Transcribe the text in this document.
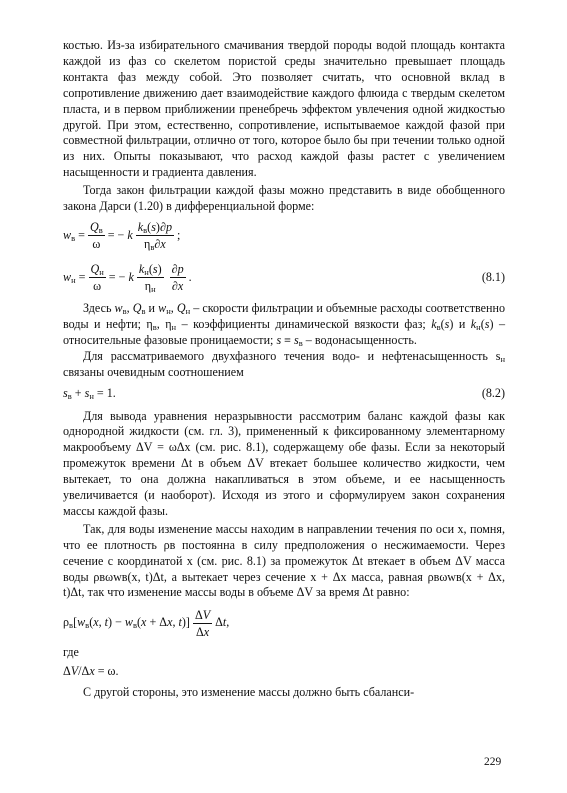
костью. Из-за избирательного смачивания твердой породы водой площадь контакта каждой из фаз со скелетом пористой среды значительно превышает площадь контакта фаз между собой. Это позволяет считать, что основной вклад в сопротивление движению дает взаимодействие каждого флюида с твердым скелетом пласта, и в первом приближении пренебречь эффектом увлечения одной жидкостью другой. При этом, естественно, сопротивление, испытываемое каждой фазой при совместной фильтрации, отлично от того, которое было бы при течении только одной из них. Опыты показывают, что расход каждой фазы растет с увеличением насыщенности и градиента давления.

Тогда закон фильтрации каждой фазы можно представить в виде обобщенного закона Дарси (1.20) в дифференциальной форме:

$w_в = \frac{Q_в}{\omega}$ = − k $\frac{k_в(s)\partial p}{\eta_в\partial x}$ ;
$w_н = \frac{Q_н}{\omega}$ = − k $\frac{k_н(s)}{\eta_н} \frac{\partial p}{\partial x}$ .	(8.1)

Здесь $w_в$, $Q_в$ и $w_н$, $Q_н$ – скорости фильтрации и объемные расходы соответственно воды и нефти; $\eta_в$, $\eta_н$ – коэффициенты динамической вязкости фаз; $k_в(s)$ и $k_н(s)$ – относительные фазовые проницаемости; $s \equiv s_в$ – водонасыщенность.

Для рассматриваемого двухфазного течения водо- и нефтенасыщенность $s_н$ связаны очевидным соотношением

$s_в + s_н = 1$.	(8.2)

Для вывода уравнения неразрывности рассмотрим баланс каждой фазы как однородной жидкости (см. гл. 3), примененный к фиксированному элементарному макрообъему ΔV = ωΔx (см. рис. 8.1), содержащему обе фазы. Если за некоторый промежуток времени Δt в объем ΔV втекает большее количество жидкости, чем вытекает, то она должна накапливаться в этом объеме, и ее насыщенность увеличивается (и наоборот). Исходя из этого и сформулируем закон сохранения массы каждой фазы.

Так, для воды изменение массы находим в направлении течения по оси x, помня, что ее плотность ρв постоянна в силу предположения о несжимаемости. Через сечение с координатой x (см. рис. 8.1) за промежуток Δt втекает в объем ΔV масса воды ρвωwв(x, t)Δt, а вытекает через сечение x + Δx масса, равная ρвωwв(x + Δx, t)Δt, так что изменение массы воды в объеме ΔV за время Δt равно:

$\rho_в[w_в(x$, $t) - w_в(x + \Delta x$, $t)] \frac{\Delta V}{\Delta x} \Delta t$,

где

ΔV/Δx = ω.

С другой стороны, это изменение массы должно быть сбаланси-

229
